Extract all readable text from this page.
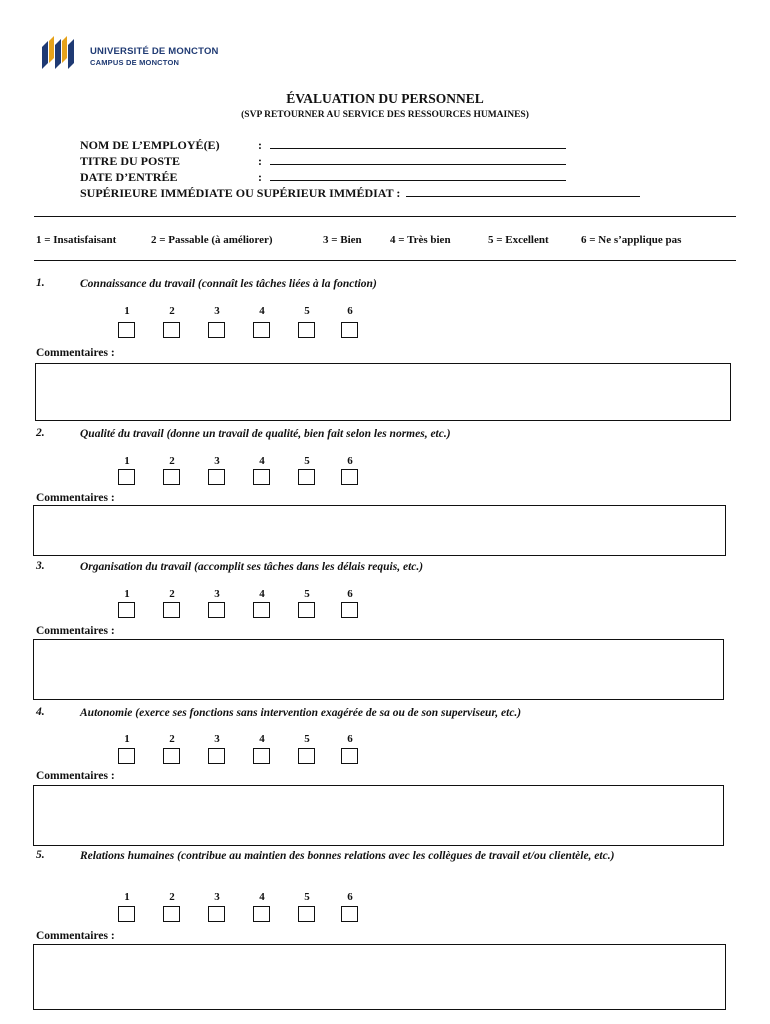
UNIVERSITÉ DE MONCTON
CAMPUS DE MONCTON
ÉVALUATION DU PERSONNEL
(SVP RETOURNER AU SERVICE DES RESSOURCES HUMAINES)
NOM DE L’EMPLOYÉ(E)	:
TITRE DU POSTE	:
DATE D’ENTRÉE	:
SUPÉRIEURE IMMÉDIATE OU SUPÉRIEUR IMMÉDIAT :
1 = Insatisfaisant	2 = Passable (à améliorer)	3 = Bien	4 = Très bien	5 = Excellent	6 = Ne s’applique pas
1.	Connaissance du travail (connaît les tâches liées à la fonction)
1	2	3	4	5	6
Commentaires :
2.	Qualité du travail (donne un travail de qualité, bien fait selon les normes, etc.)
1	2	3	4	5	6
Commentaires :
3.	Organisation du travail (accomplit ses tâches dans les délais requis, etc.)
1	2	3	4	5	6
Commentaires :
4.	Autonomie (exerce ses fonctions sans intervention exagérée de sa ou de son superviseur, etc.)
1	2	3	4	5	6
Commentaires :
5.	Relations humaines (contribue au maintien des bonnes relations avec les collègues de travail et/ou clientèle, etc.)
1	2	3	4	5	6
Commentaires :
